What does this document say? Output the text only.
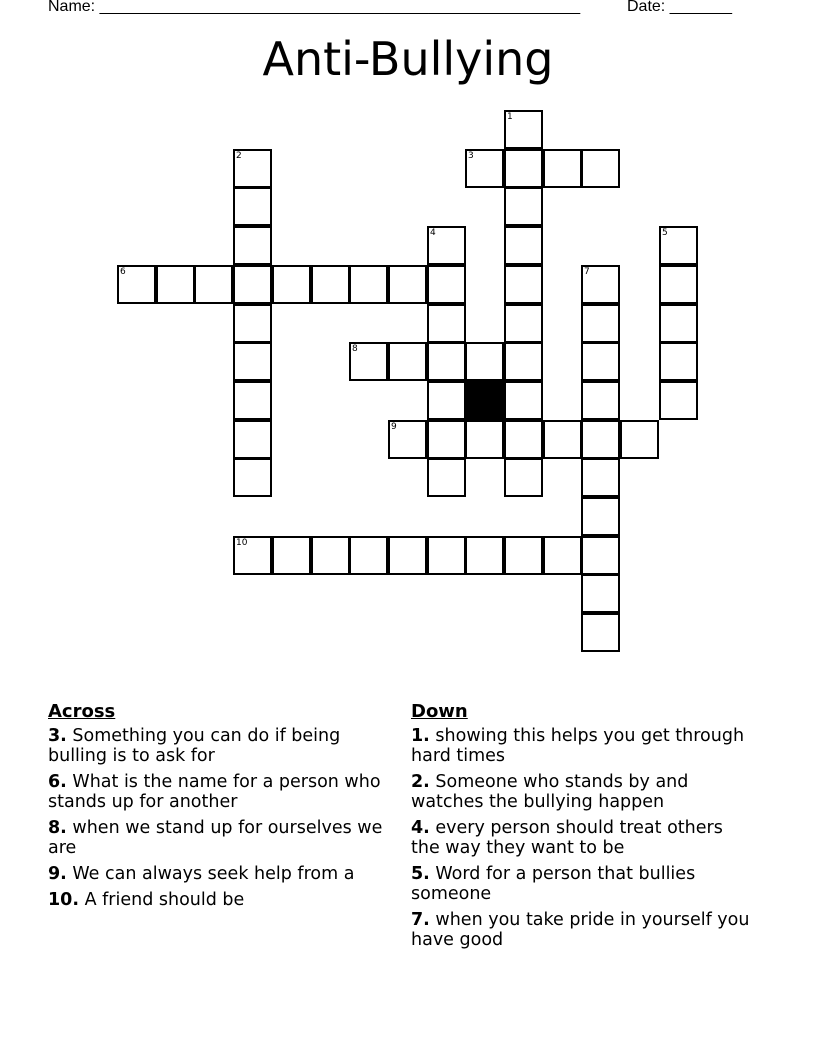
Name: ______________________________________________________	Date: _______
Anti-Bullying
1
2	3
4	5
6	7
8
9
10
Across
3. Something you can do if being bulling is to ask for
6. What is the name for a person who stands up for another
8. when we stand up for ourselves we are
9. We can always seek help from a
10. A friend should be
Down
1. showing this helps you get through hard times
2. Someone who stands by and watches the bullying happen
4. every person should treat others the way they want to be
5. Word for a person that bullies someone
7. when you take pride in yourself you have good
